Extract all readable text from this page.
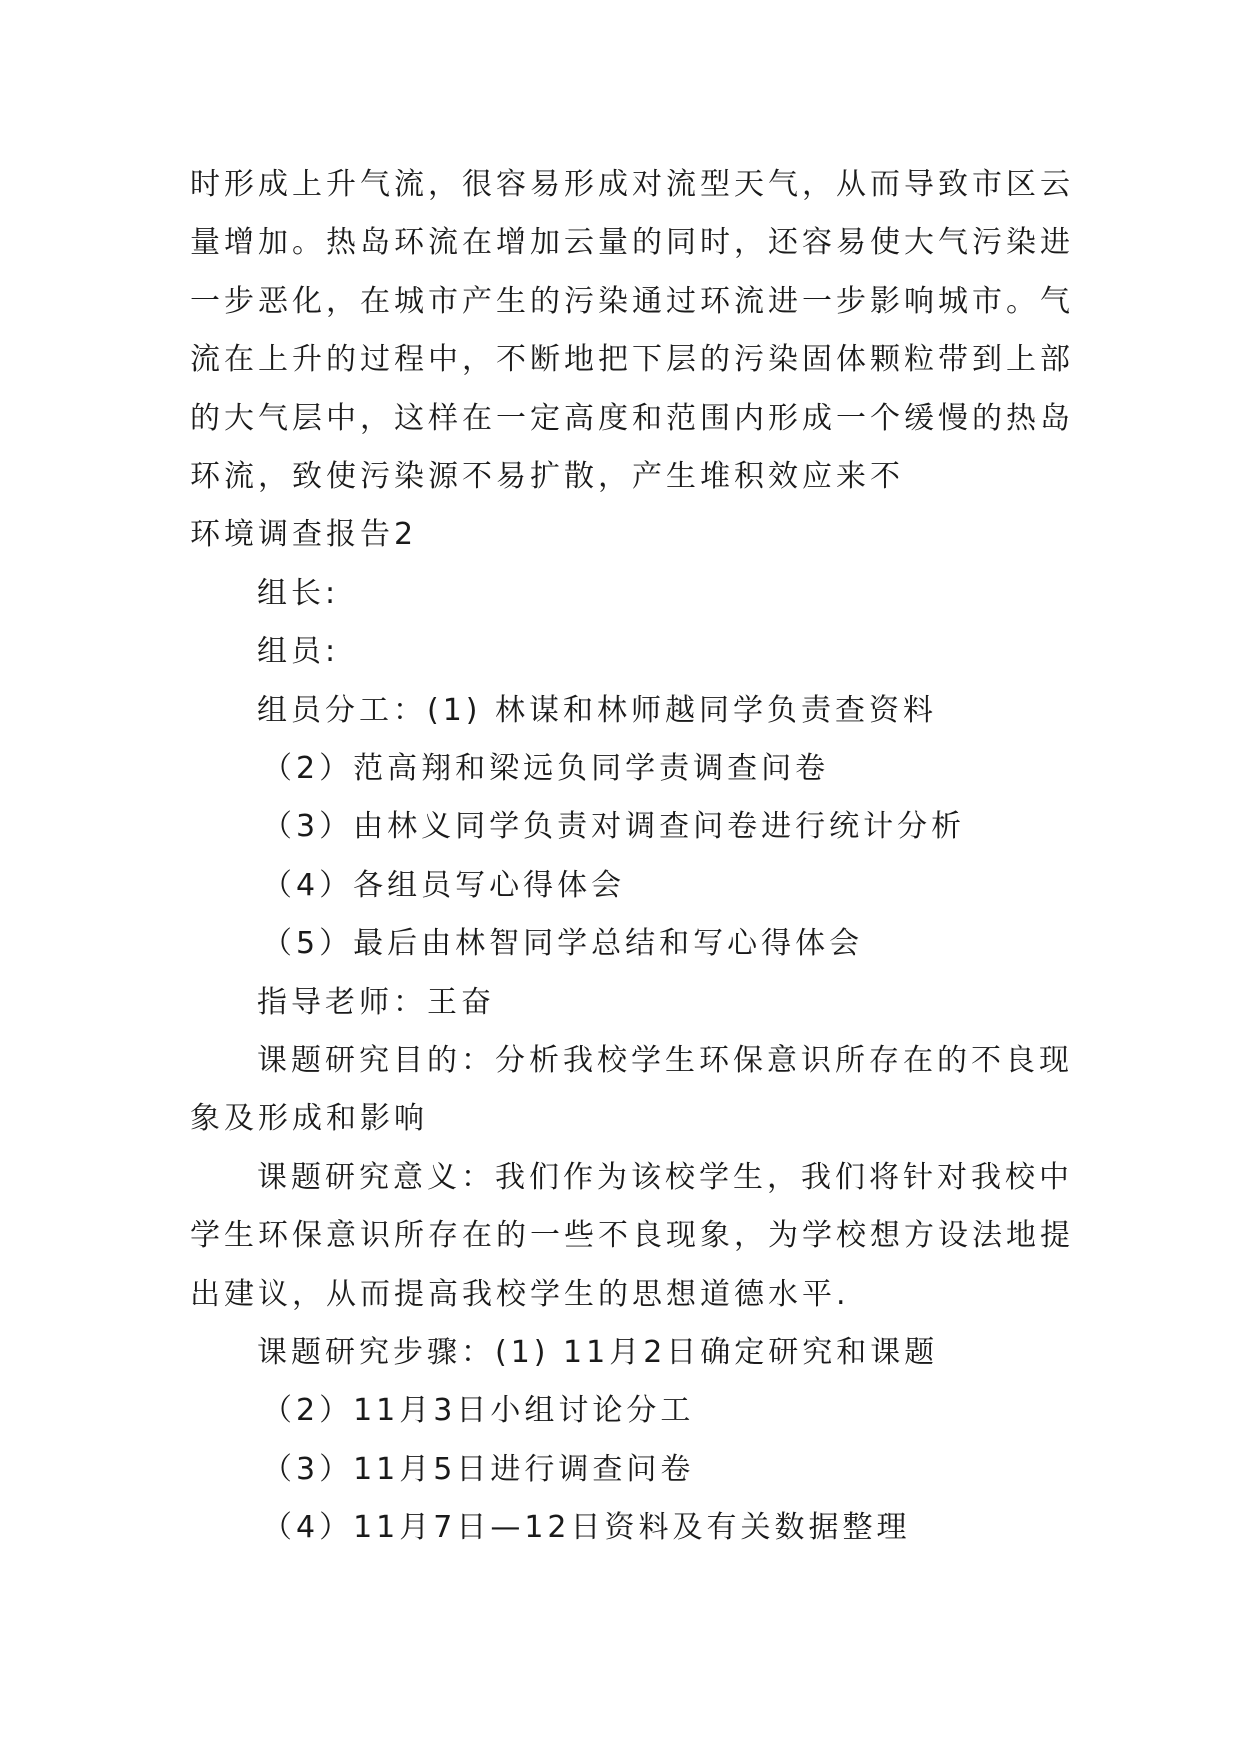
时形成上升气流，很容易形成对流型天气，从而导致市区云
量增加。热岛环流在增加云量的同时，还容易使大气污染进
一步恶化，在城市产生的污染通过环流进一步影响城市。气
流在上升的过程中，不断地把下层的污染固体颗粒带到上部
的大气层中，这样在一定高度和范围内形成一个缓慢的热岛
环流，致使污染源不易扩散，产生堆积效应来不
环境调查报告2
组长:
组员:
组员分工：(1) 林谋和林师越同学负责查资料
（2）范高翔和梁远负同学责调查问卷
（3）由林义同学负责对调查问卷进行统计分析
（4）各组员写心得体会
（5）最后由林智同学总结和写心得体会
指导老师：王奋
课题研究目的：分析我校学生环保意识所存在的不良现
象及形成和影响
课题研究意义：我们作为该校学生，我们将针对我校中
学生环保意识所存在的一些不良现象，为学校想方设法地提
出建议，从而提高我校学生的思想道德水平.
课题研究步骤：(1) 11月2日确定研究和课题
（2）11月3日小组讨论分工
（3）11月5日进行调查问卷
（4）11月7日—12日资料及有关数据整理
